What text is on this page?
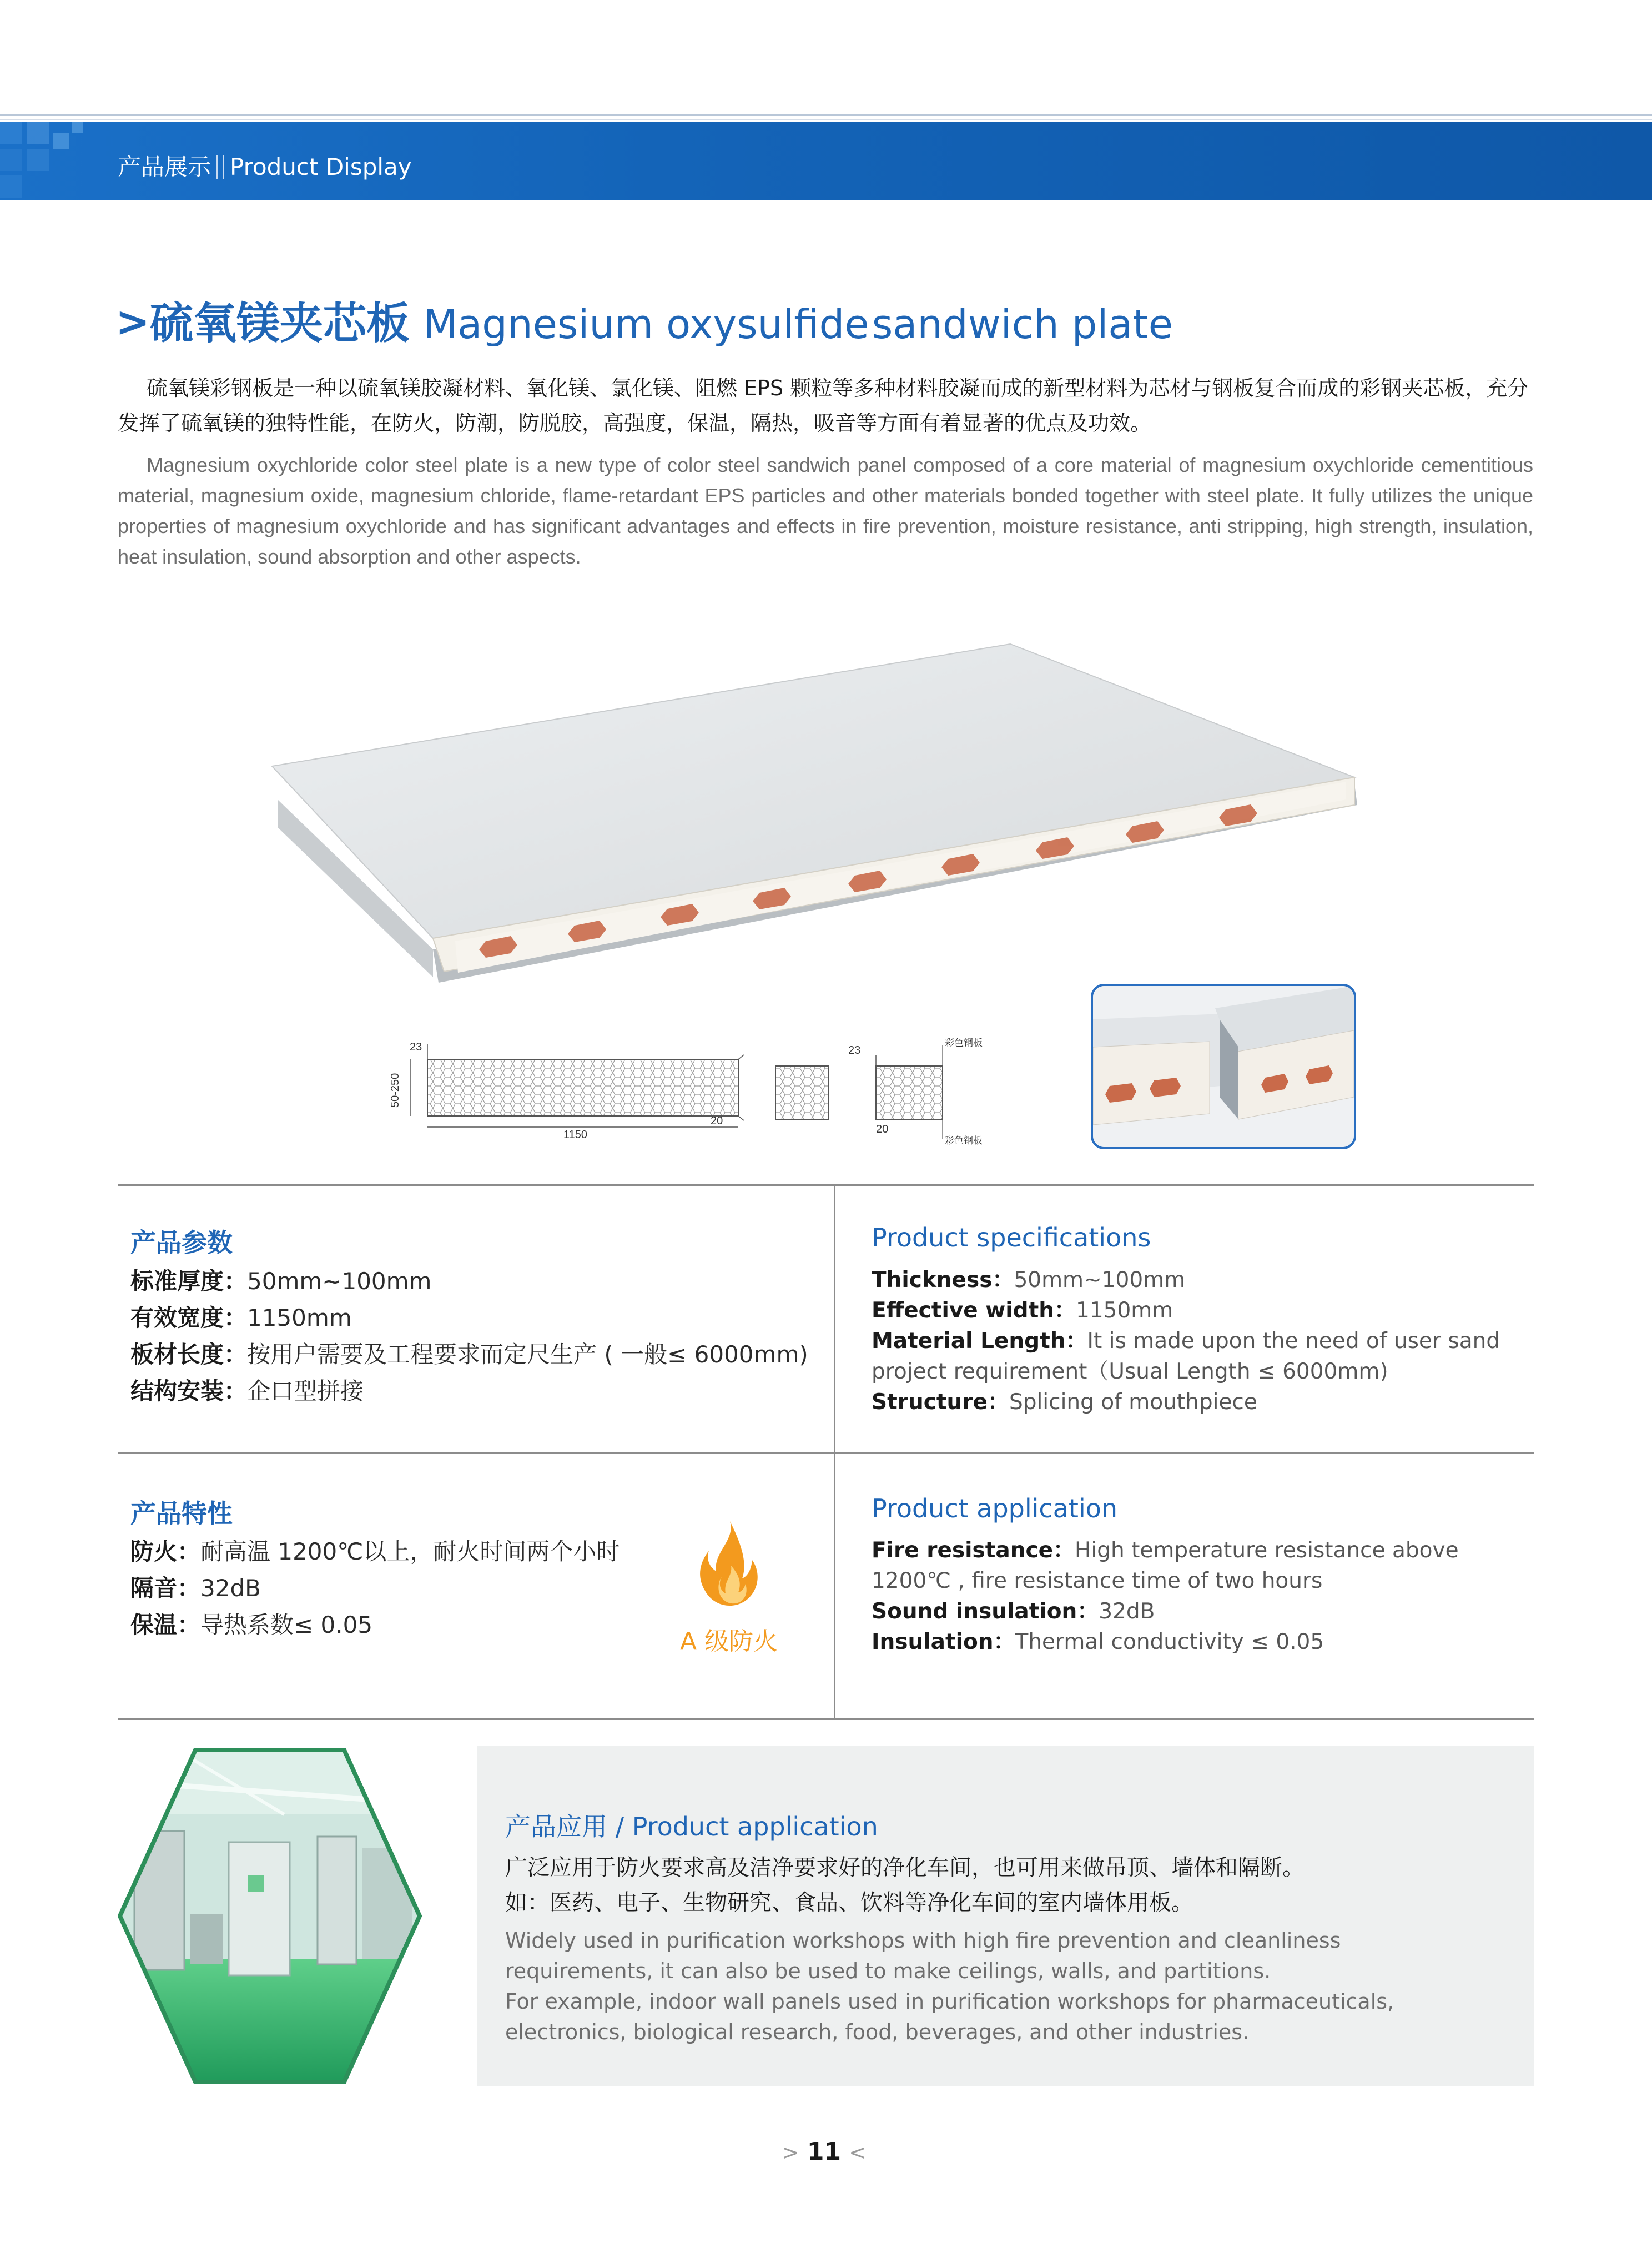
产品展示 Product Display
>硫氧镁夹芯板 Magnesium oxysulfide sandwich plate
硫氧镁彩钢板是一种以硫氧镁胶凝材料、氧化镁、氯化镁、阻燃 EPS 颗粒等多种材料胶凝而成的新型材料为芯材与钢板复合而成的彩钢夹芯板，充分发挥了硫氧镁的独特性能，在防火，防潮，防脱胶，高强度，保温，隔热，吸音等方面有着显著的优点及功效。
Magnesium oxychloride color steel plate is a new type of color steel sandwich panel composed of a core material of magnesium oxychloride cementitious material, magnesium oxide, magnesium chloride, flame-retardant EPS particles and other materials bonded together with steel plate. It fully utilizes the unique properties of magnesium oxychloride and has significant advantages and effects in fire prevention, moisture resistance, anti stripping, high strength, insulation, heat insulation, sound absorption and other aspects.
23
50-250
1150
20
23
20
彩色钢板
彩色钢板
产品参数
标准厚度：50mm~100mm
有效宽度：1150mm
板材长度：按用户需要及工程要求而定尺生产 ( 一般≤ 6000mm)
结构安装：企口型拼接
Product specifications
Thickness：50mm~100mm
Effective width：1150mm
Material Length：It is made upon the need of user sand project requirement（Usual Length ≤ 6000mm)
Structure：Splicing of mouthpiece
产品特性
防火：耐高温 1200℃以上，耐火时间两个小时
隔音：32dB
保温：导热系数≤ 0.05
A 级防火
Product application
Fire resistance：High temperature resistance above 1200℃ , fire resistance time of two hours
Sound insulation：32dB
Insulation：Thermal conductivity ≤ 0.05
产品应用 / Product application
广泛应用于防火要求高及洁净要求好的净化车间，也可用来做吊顶、墙体和隔断。
如：医药、电子、生物研究、食品、饮料等净化车间的室内墙体用板。
Widely used in purification workshops with high fire prevention and cleanliness requirements, it can also be used to make ceilings, walls, and partitions.
For example, indoor wall panels used in purification workshops for pharmaceuticals, electronics, biological research, food, beverages, and other industries.
> 11 <
